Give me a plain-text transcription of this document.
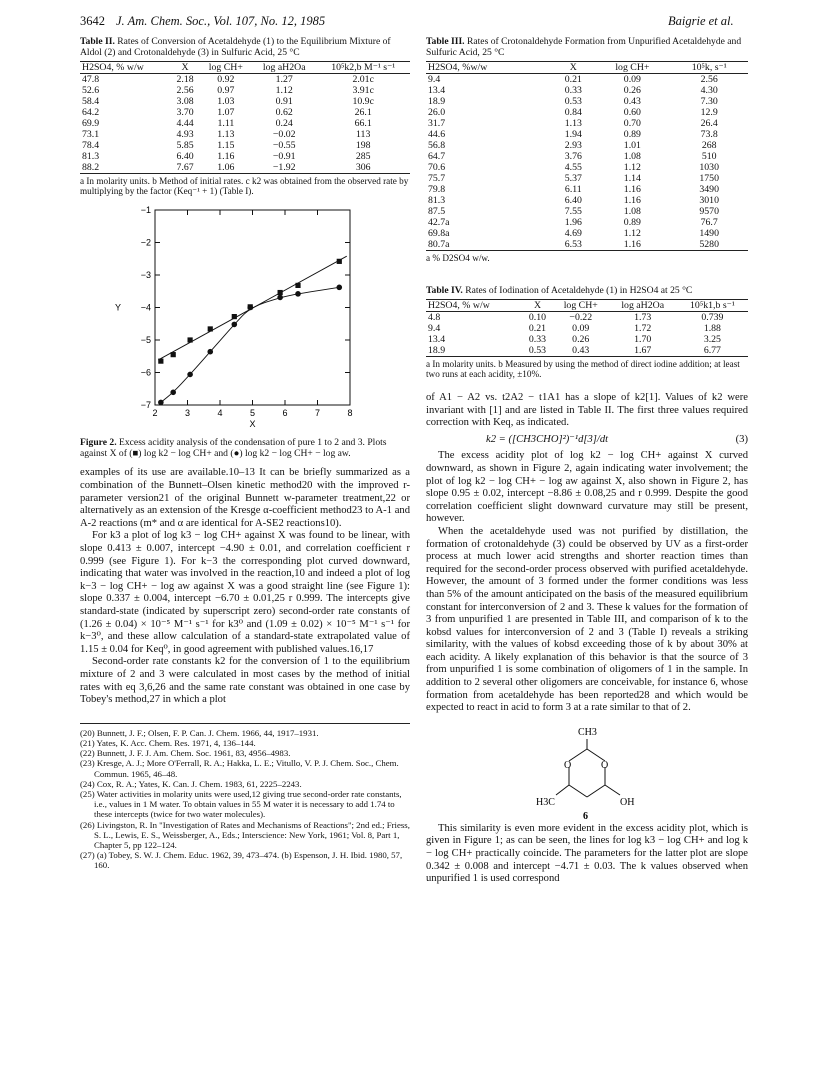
3642 J. Am. Chem. Soc., Vol. 107, No. 12, 1985	Baigrie et al.

Table II. Rates of Conversion of Acetaldehyde (1) to the Equilibrium Mixture of Aldol (2) and Crotonaldehyde (3) in Sulfuric Acid, 25 °C

H2SO4, % w/w	X	log CH+	log aH2Oa	10⁵k2,b M⁻¹ s⁻¹
47.8	2.18	0.92	1.27	2.01c
52.6	2.56	0.97	1.12	3.91c
58.4	3.08	1.03	0.91	10.9c
64.2	3.70	1.07	0.62	26.1
69.9	4.44	1.11	0.24	66.1
73.1	4.93	1.13	−0.02	113
78.4	5.85	1.15	−0.55	198
81.3	6.40	1.16	−0.91	285
88.2	7.67	1.06	−1.92	306

a In molarity units. b Method of initial rates. c k2 was obtained from the observed rate by multiplying by the factor (Keq⁻¹ + 1) (Table I).

2	3	4	5	6	7	8
−1
−2
−3
−4
−5
−6
−7
X
Y

Figure 2. Excess acidity analysis of the condensation of pure 1 to 2 and 3. Plots against X of (■) log k2 − log CH+ and (●) log k2 − log CH+ − log aw.

examples of its use are available.10–13 It can be briefly summarized as a combination of the Bunnett–Olsen kinetic method20 with the improved r-parameter version21 of the original Bunnett w-parameter treatment,22 or alternatively as an extension of the Kresge α-coefficient method23 to A-1 and A-2 reactions (m* and α are identical for A-SE2 reactions10).

For k3 a plot of log k3 − log CH+ against X was found to be linear, with slope 0.413 ± 0.007, intercept −4.90 ± 0.01, and correlation coefficient r 0.999 (see Figure 1). For k−3 the corresponding plot curved downward, indicating that water was involved in the reaction,10 and indeed a plot of log k−3 − log CH+ − log aw against X was a good straight line (see Figure 1): slope 0.337 ± 0.004, intercept −6.70 ± 0.01,25 r 0.999. The intercepts give standard-state (indicated by superscript zero) second-order rate constants of (1.26 ± 0.04) × 10⁻⁵ M⁻¹ s⁻¹ for k3⁰ and (1.09 ± 0.02) × 10⁻⁵ M⁻¹ s⁻¹ for k−3⁰, and these allow calculation of a standard-state extrapolated value of 1.15 ± 0.04 for Keq⁰, in good agreement with published values.16,17

Second-order rate constants k2 for the conversion of 1 to the equilibrium mixture of 2 and 3 were calculated in most cases by the method of initial rates with eq 3,6,26 and the same rate constant was obtained in one case by Tobey's method,27 in which a plot

(20) Bunnett, J. F.; Olsen, F. P. Can. J. Chem. 1966, 44, 1917–1931.
(21) Yates, K. Acc. Chem. Res. 1971, 4, 136–144.
(22) Bunnett, J. F. J. Am. Chem. Soc. 1961, 83, 4956–4983.
(23) Kresge, A. J.; More O'Ferrall, R. A.; Hakka, L. E.; Vitullo, V. P. J. Chem. Soc., Chem. Commun. 1965, 46–48.
(24) Cox, R. A.; Yates, K. Can. J. Chem. 1983, 61, 2225–2243.
(25) Water activities in molarity units were used,12 giving true second-order rate constants, i.e., values in 1 M water. To obtain values in 55 M water it is necessary to add 1.74 to these intercepts (twice for two water molecules).
(26) Livingston, R. In "Investigation of Rates and Mechanisms of Reactions"; 2nd ed.; Friess, S. L., Lewis, E. S., Weissberger, A., Eds.; Interscience: New York, 1961; Vol. 8, Part 1, Chapter 5, pp 122–124.
(27) (a) Tobey, S. W. J. Chem. Educ. 1962, 39, 473–474. (b) Espenson, J. H. Ibid. 1980, 57, 160.

Table III. Rates of Crotonaldehyde Formation from Unpurified Acetaldehyde and Sulfuric Acid, 25 °C

H2SO4, %w/w	X	log CH+	10⁵k, s⁻¹
9.4	0.21	0.09	2.56
13.4	0.33	0.26	4.30
18.9	0.53	0.43	7.30
26.0	0.84	0.60	12.9
31.7	1.13	0.70	26.4
44.6	1.94	0.89	73.8
56.8	2.93	1.01	268
64.7	3.76	1.08	510
70.6	4.55	1.12	1030
75.7	5.37	1.14	1750
79.8	6.11	1.16	3490
81.3	6.40	1.16	3010
87.5	7.55	1.08	9570
42.7a	1.96	0.89	76.7
69.8a	4.69	1.12	1490
80.7a	6.53	1.16	5280

a % D2SO4 w/w.

Table IV. Rates of Iodination of Acetaldehyde (1) in H2SO4 at 25 °C

H2SO4, % w/w	X	log CH+	log aH2Oa	10⁵k1,b s⁻¹
4.8	0.10	−0.22	1.73	0.739
9.4	0.21	0.09	1.72	1.88
13.4	0.33	0.26	1.70	3.25
18.9	0.53	0.43	1.67	6.77

a In molarity units. b Measured by using the method of direct iodine addition; at least two runs at each acidity, ±10%.

of A1 − A2 vs. t2A2 − t1A1 has a slope of k2[1]. Values of k2 were invariant with [1] and are listed in Table II. The first three values required correction with Keq, as indicated.

k2 = ([CH3CHO]²)⁻¹d[3]/dt	(3)

The excess acidity plot of log k2 − log CH+ against X curved downward, as shown in Figure 2, again indicating water involvement; the plot of log k2 − log CH+ − log aw against X, also shown in Figure 2, has slope 0.95 ± 0.02, intercept −8.86 ± 0.08,25 and r 0.999. Despite the good correlation coefficient slight downward curvature may still be present, however.

When the acetaldehyde used was not purified by distillation, the formation of crotonaldehyde (3) could be observed by UV as a first-order process at much lower acid strengths and shorter reaction times than required for the second-order process observed with purified acetaldehyde. However, the amount of 3 formed under the former conditions was less than 5% of the amount anticipated on the basis of the measured equilibrium constant for interconversion of 2 and 3. These k values for the formation of 3 from unpurified 1 are presented in Table III, and comparison of k to the kobsd values for interconversion of 2 and 3 (Table I) reveals a striking similarity, with the values of kobsd exceeding those of k by about 30% at each acidity. A likely explanation of this behavior is that the source of 3 from unpurified 1 is some combination of oligomers of 1 in the sample. In addition to 2 several other oligomers are conceivable, for instance 6, whose formation from acetaldehyde has been reported28 and which would be expected to react in acid to form 3 at a rate similar to that of 2.

CH3
O	O
H3C	OH
6

This similarity is even more evident in the excess acidity plot, which is given in Figure 1; as can be seen, the lines for log k3 − log CH+ and log k − log CH+ practically coincide. The parameters for the latter plot are slope 0.342 ± 0.008 and intercept −4.71 ± 0.03. The k values observed when unpurified 1 is used correspond
